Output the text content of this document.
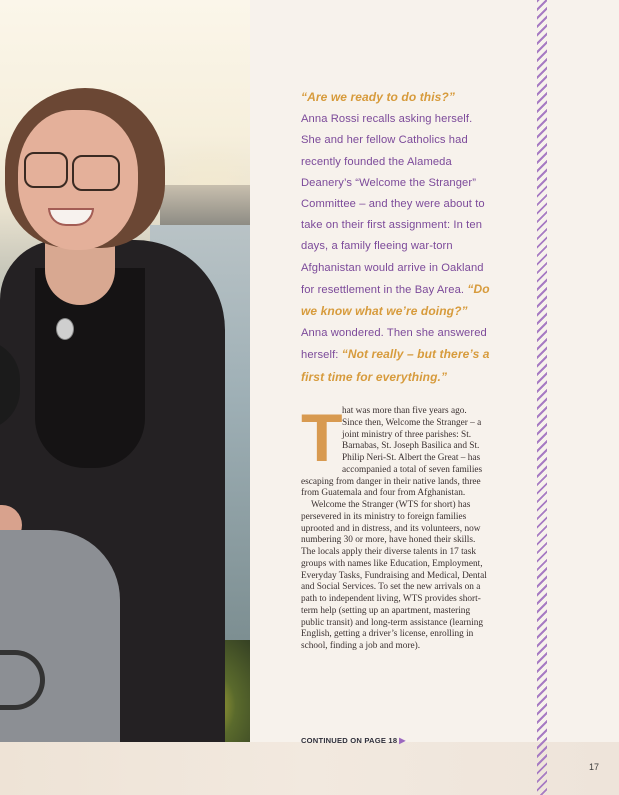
“Are we ready to do this?”
Anna Rossi recalls asking herself. She and her fellow Catholics had recently founded the Alameda Deanery’s “Welcome the Stranger” Committee – and they were about to take on their first assignment: In ten days, a family fleeing war-torn Afghanistan would arrive in Oakland for resettlement in the Bay Area. “Do we know what we’re doing?” Anna wondered. Then she answered herself: “Not really – but there’s a first time for everything.”
T hat was more than five years ago. Since then, Welcome the Stranger – a joint ministry of three parishes: St. Barnabas, St. Joseph Basilica and St. Philip Neri-St. Albert the Great – has accompanied a total of seven families escaping from danger in their native lands, three from Guatemala and four from Afghanistan.

Welcome the Stranger (WTS for short) has persevered in its ministry to foreign families uprooted and in distress, and its volunteers, now numbering 30 or more, have honed their skills. The locals apply their diverse talents in 17 task groups with names like Education, Employment, Everyday Tasks, Fundraising and Medical, Dental and Social Services. To set the new arrivals on a path to independent living, WTS provides short-term help (setting up an apartment, mastering public transit) and long-term assistance (learning English, getting a driver’s license, enrolling in school, finding a job and more).

CONTINUED ON PAGE 18 ▶
17
